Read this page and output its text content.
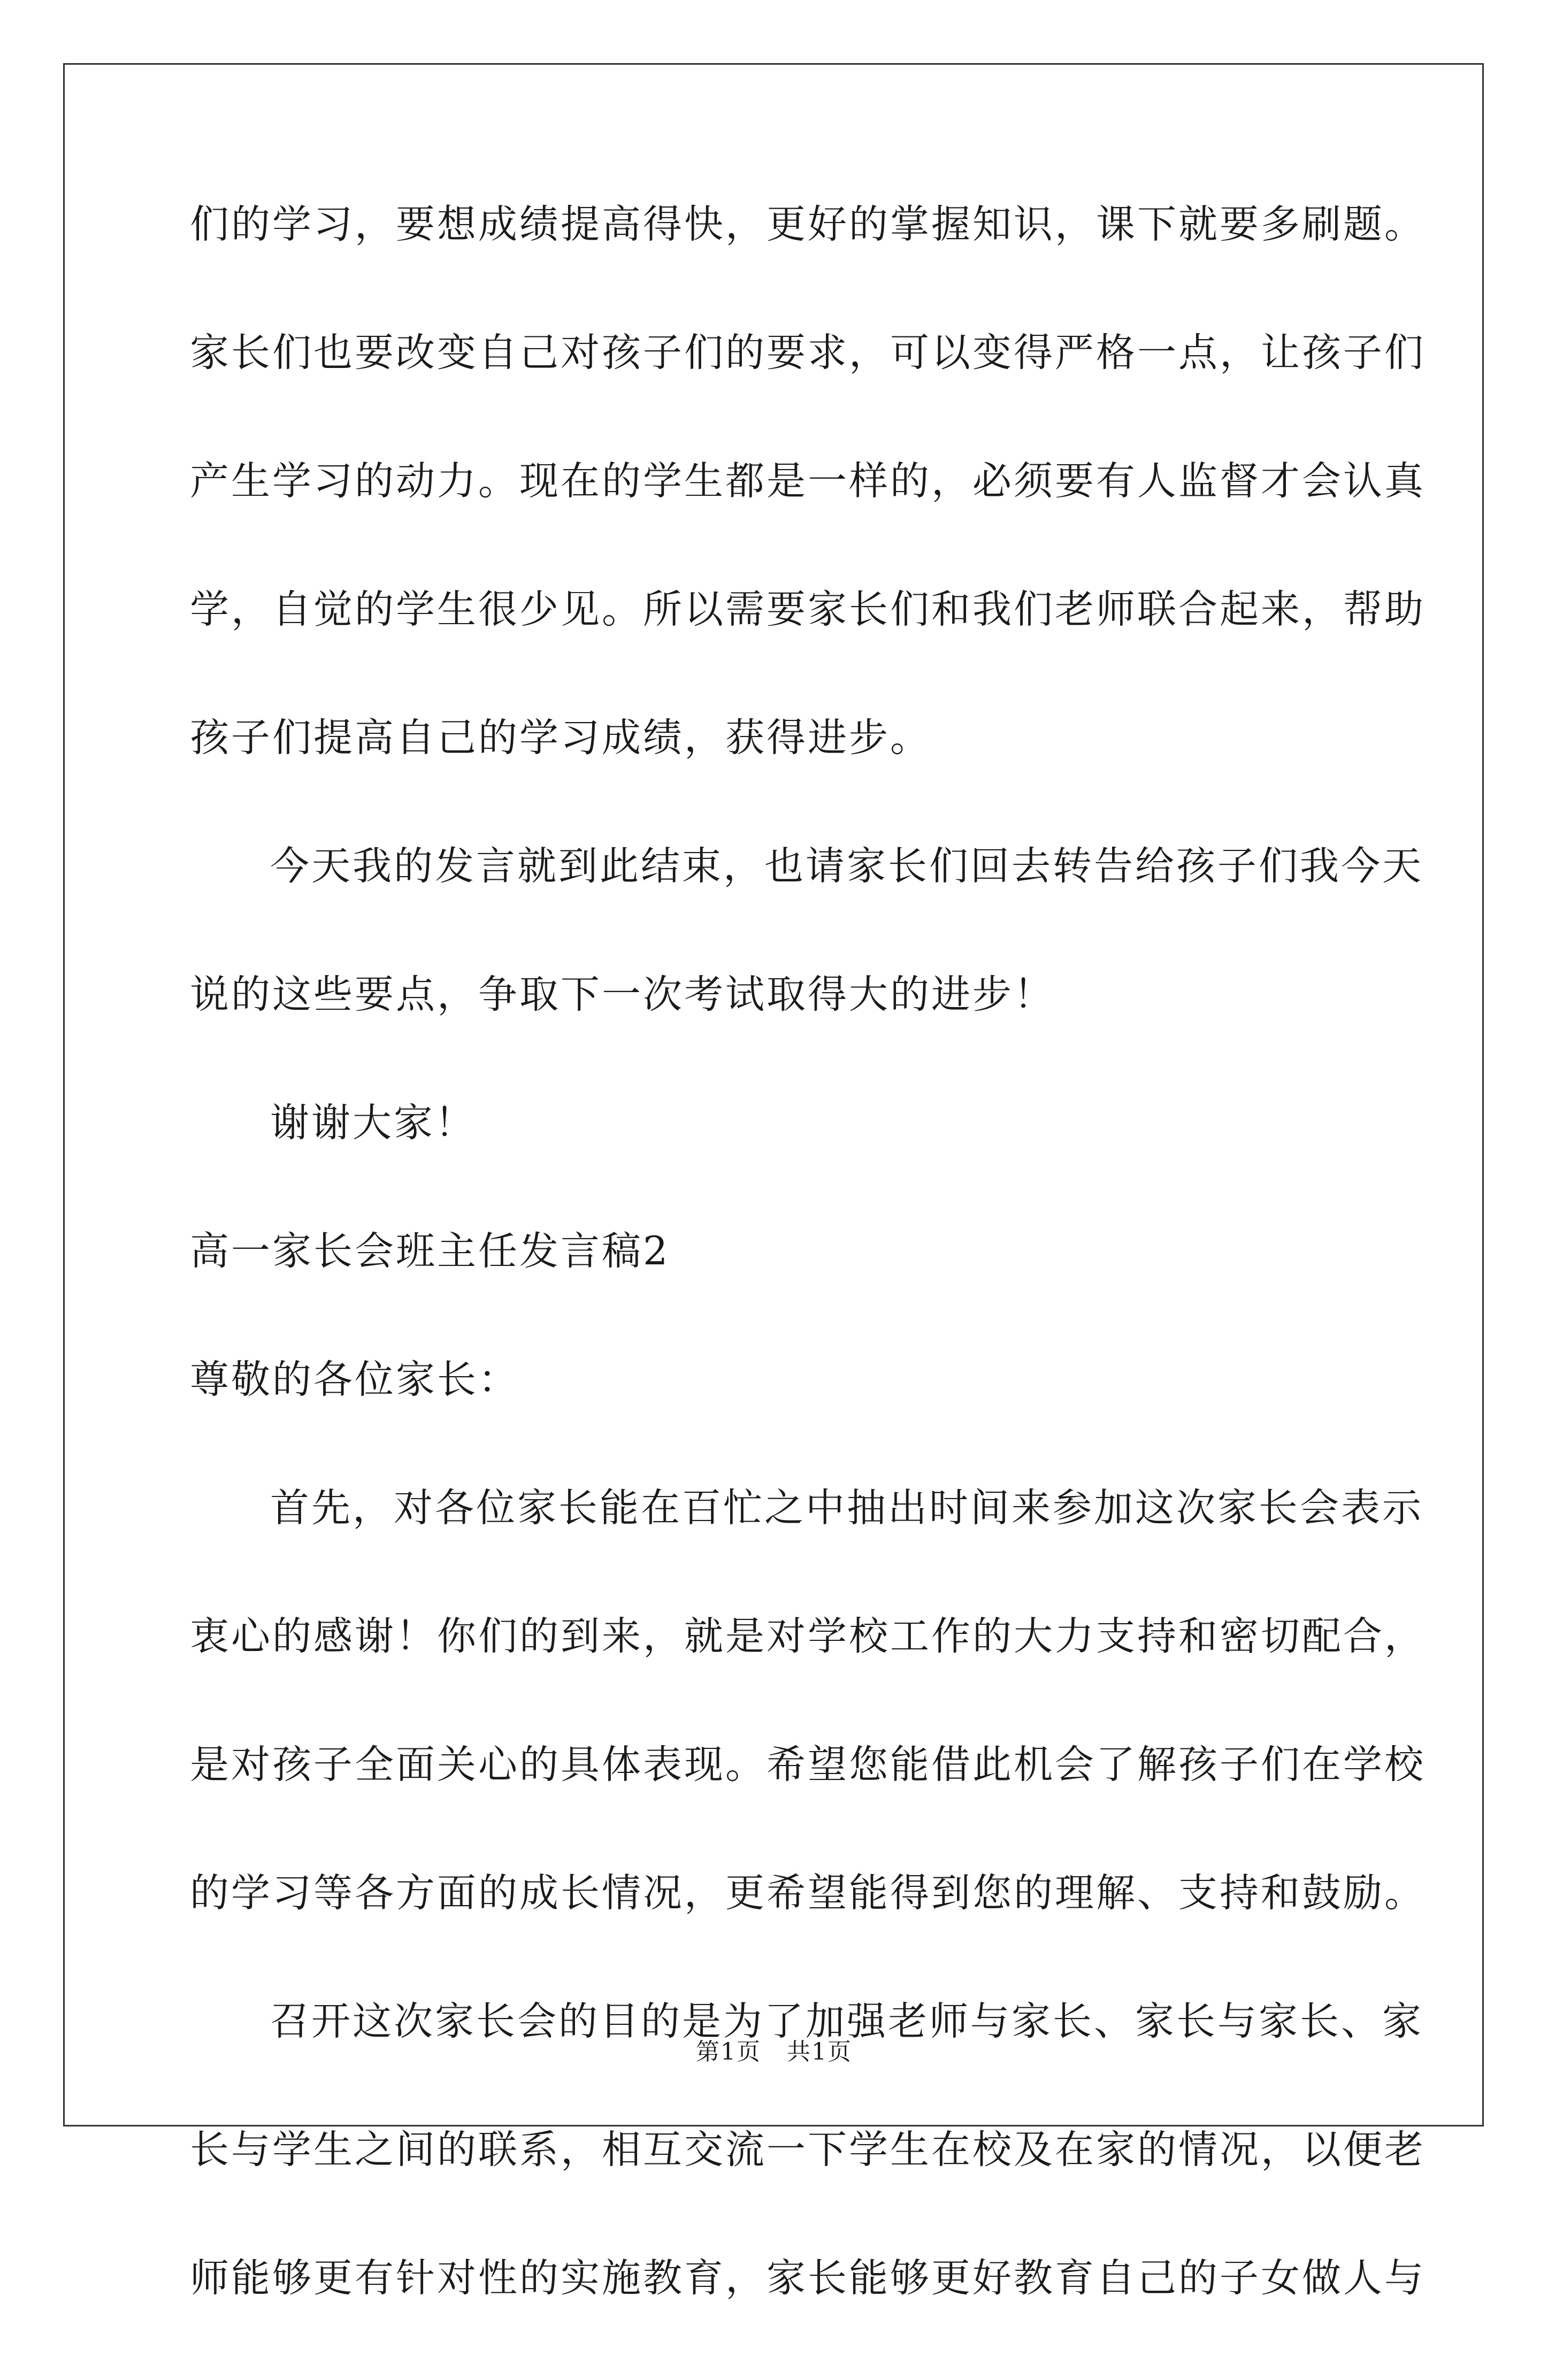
们的学习，要想成绩提高得快，更好的掌握知识，课下就要多刷题。
家长们也要改变自己对孩子们的要求，可以变得严格一点，让孩子们
产生学习的动力。现在的学生都是一样的，必须要有人监督才会认真
学，自觉的学生很少见。所以需要家长们和我们老师联合起来，帮助
孩子们提高自己的学习成绩，获得进步。
今天我的发言就到此结束，也请家长们回去转告给孩子们我今天
说的这些要点，争取下一次考试取得大的进步！
谢谢大家！
高一家长会班主任发言稿2
尊敬的各位家长：
首先，对各位家长能在百忙之中抽出时间来参加这次家长会表示
衷心的感谢！你们的到来，就是对学校工作的大力支持和密切配合，
是对孩子全面关心的具体表现。希望您能借此机会了解孩子们在学校
的学习等各方面的成长情况，更希望能得到您的理解、支持和鼓励。
召开这次家长会的目的是为了加强老师与家长、家长与家长、家
长与学生之间的联系，相互交流一下学生在校及在家的情况，以便老
师能够更有针对性的实施教育，家长能够更好教育自己的子女做人与
第1页   共1页
